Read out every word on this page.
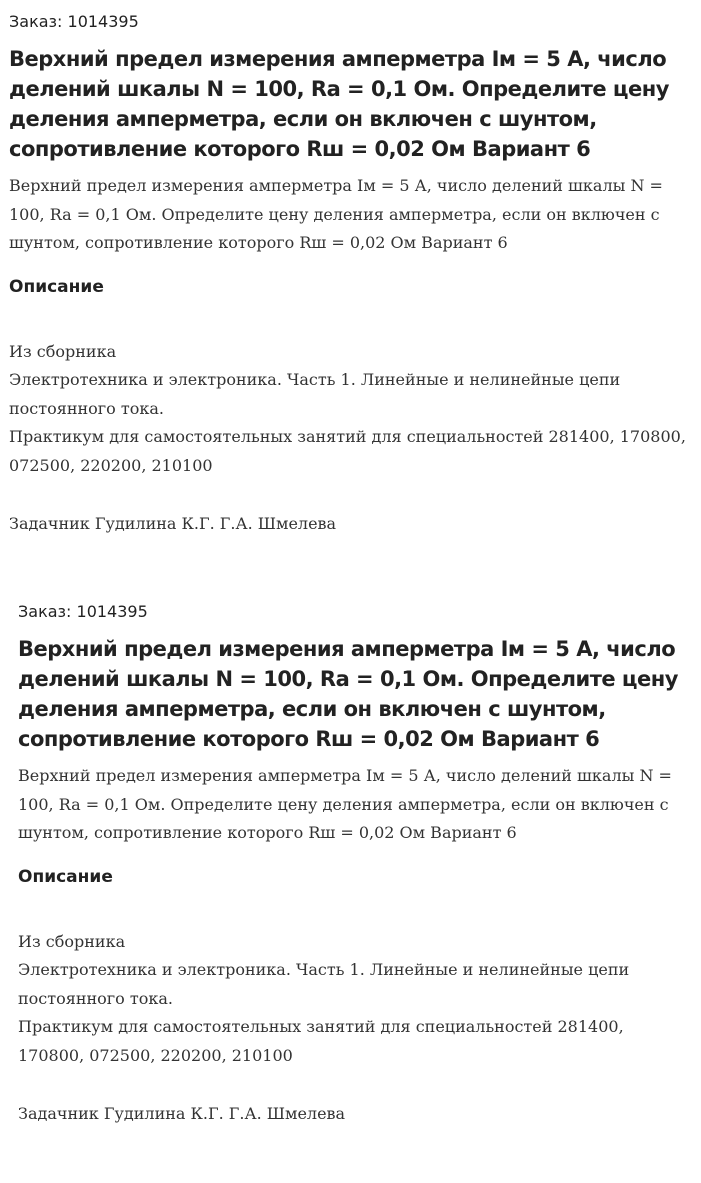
Заказ: 1014395

Верхний предел измерения амперметра Iм = 5 А, число делений шкалы N = 100, Ra = 0,1 Ом. Определите цену деления амперметра, если он включен с шунтом, сопротивление которого Rш = 0,02 Ом Вариант 6

Верхний предел измерения амперметра Iм = 5 А, число делений шкалы N = 100, Ra = 0,1 Ом. Определите цену деления амперметра, если он включен с шунтом, сопротивление которого Rш = 0,02 Ом Вариант 6

Описание

Из сборника

Электротехника и электроника. Часть 1. Линейные и нелинейные цепи постоянного тока.

Практикум для самостоятельных занятий для специальностей 281400, 170800, 072500, 220200, 210100

Задачник Гудилина К.Г. Г.А. Шмелева

Заказ: 1014395

Верхний предел измерения амперметра Iм = 5 А, число делений шкалы N = 100, Ra = 0,1 Ом. Определите цену деления амперметра, если он включен с шунтом, сопротивление которого Rш = 0,02 Ом Вариант 6

Верхний предел измерения амперметра Iм = 5 А, число делений шкалы N = 100, Ra = 0,1 Ом. Определите цену деления амперметра, если он включен с шунтом, сопротивление которого Rш = 0,02 Ом Вариант 6

Описание

Из сборника

Электротехника и электроника. Часть 1. Линейные и нелинейные цепи постоянного тока.

Практикум для самостоятельных занятий для специальностей 281400, 170800, 072500, 220200, 210100

Задачник Гудилина К.Г. Г.А. Шмелева
